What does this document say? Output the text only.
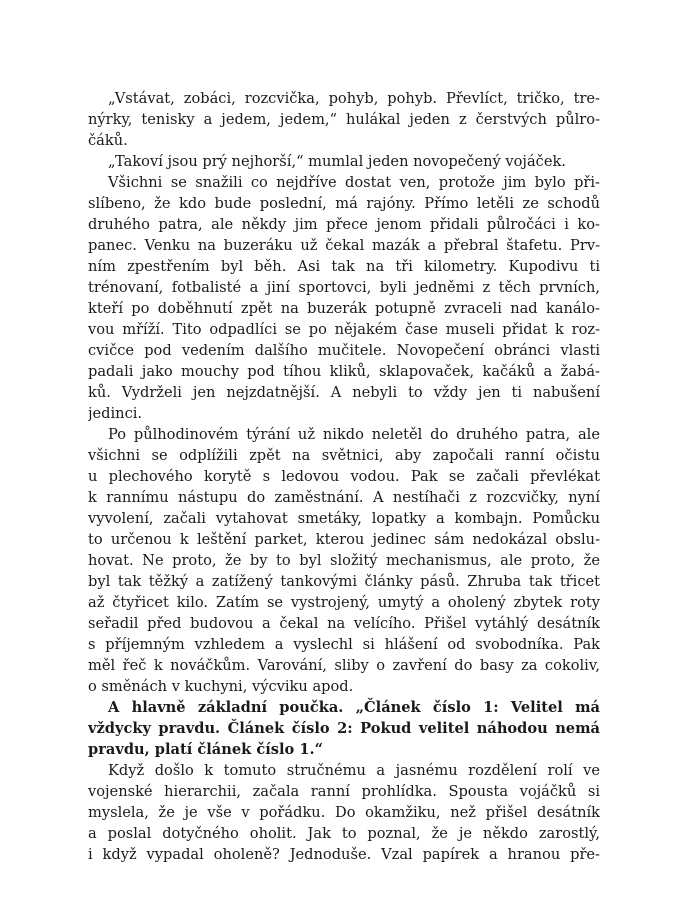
„Vstávat, zobáci, rozcvička, pohyb, pohyb. Převlíct, tričko, tre-
nýrky, tenisky a jedem, jedem,“ hulákal jeden z čerstvých půlro-
čáků.
„Takoví jsou prý nejhorší,“ mumlal jeden novopečený vojáček.
Všichni se snažili co nejdříve dostat ven, protože jim bylo při-
slíbeno, že kdo bude poslední, má rajóny. Přímo letěli ze schodů
druhého patra, ale někdy jim přece jenom přidali půlročáci i ko-
panec. Venku na buzeráku už čekal mazák a přebral štafetu. Prv-
ním zpestřením byl běh. Asi tak na tři kilometry. Kupodivu ti
trénovaní, fotbalisté a jiní sportovci, byli jedněmi z těch prvních,
kteří po doběhnutí zpět na buzerák potupně zvraceli nad kanálo-
vou mříží. Tito odpadlíci se po nějakém čase museli přidat k roz-
cvičce pod vedením dalšího mučitele. Novopečení obránci vlasti
padali jako mouchy pod tíhou kliků, sklapovaček, kačáků a žabá-
ků. Vydrželi jen nejzdatnější. A nebyli to vždy jen ti nabušení
jedinci.
Po půlhodinovém týrání už nikdo neletěl do druhého patra, ale
všichni se odplížili zpět na světnici, aby započali ranní očistu
u plechového korytě s ledovou vodou. Pak se začali převlékat
k rannímu nástupu do zaměstnání. A nestíhači z rozcvičky, nyní
vyvolení, začali vytahovat smetáky, lopatky a kombajn. Pomůcku
to určenou k leštění parket, kterou jedinec sám nedokázal obslu-
hovat. Ne proto, že by to byl složitý mechanismus, ale proto, že
byl tak těžký a zatížený tankovými články pásů. Zhruba tak třicet
až čtyřicet kilo. Zatím se vystrojený, umytý a oholený zbytek roty
seřadil před budovou a čekal na velícího. Přišel vytáhlý desátník
s příjemným vzhledem a vyslechl si hlášení od svobodníka. Pak
měl řeč k nováčkům. Varování, sliby o zavření do basy za cokoliv,
o směnách v kuchyni, výcviku apod.
A hlavně základní poučka. „Článek číslo 1: Velitel má
vždycky pravdu. Článek číslo 2: Pokud velitel náhodou nemá
pravdu, platí článek číslo 1.“
Když došlo k tomuto stručnému a jasnému rozdělení rolí ve
vojenské hierarchii, začala ranní prohlídka. Spousta vojáčků si
myslela, že je vše v pořádku. Do okamžiku, než přišel desátník
a poslal dotyčného oholit. Jak to poznal, že je někdo zarostlý,
i když vypadal oholeně? Jednoduše. Vzal papírek a hranou pře-
